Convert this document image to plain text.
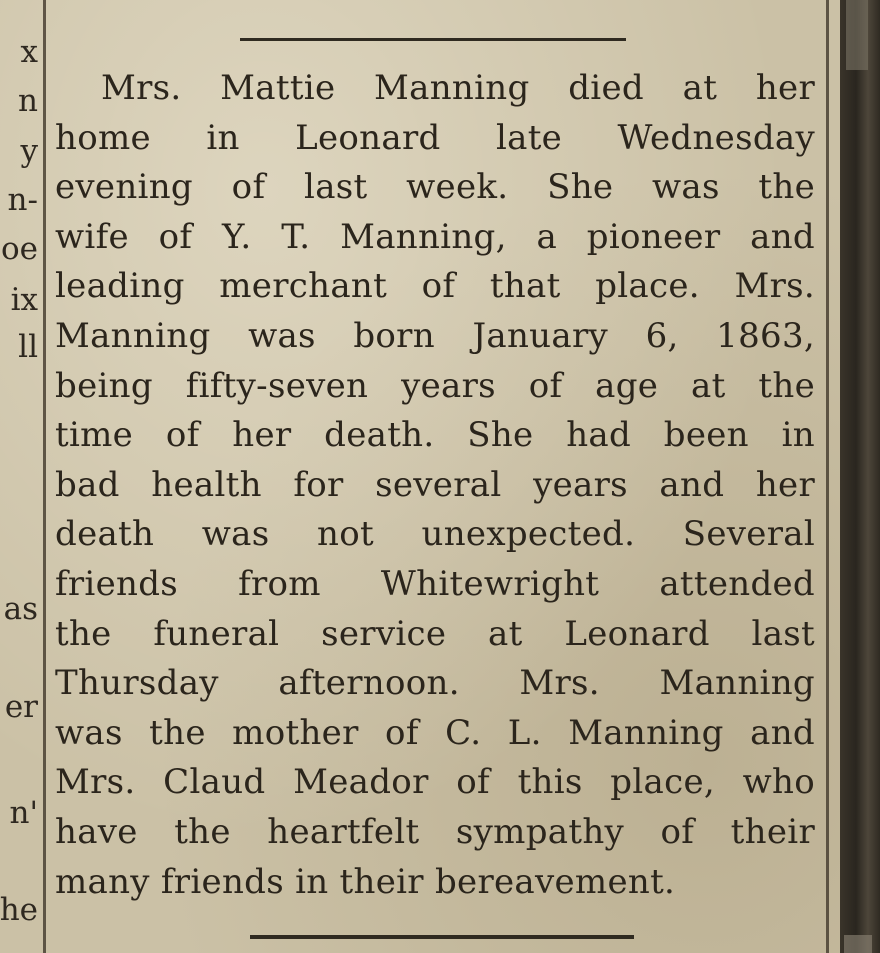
x
n
y
n-
oe
ix
ll
as
er
n'
he
Mrs. Mattie Manning died at her
home in Leonard late Wednesday
evening of last week. She was the
wife of Y. T. Manning, a pioneer and
leading merchant of that place. Mrs.
Manning was born January 6, 1863,
being fifty-seven years of age at the
time of her death. She had been in
bad health for several years and her
death was not unexpected. Several
friends from Whitewright attended
the funeral service at Leonard last
Thursday afternoon. Mrs. Manning
was the mother of C. L. Manning and
Mrs. Claud Meador of this place, who
have the heartfelt sympathy of their
many friends in their bereavement.
